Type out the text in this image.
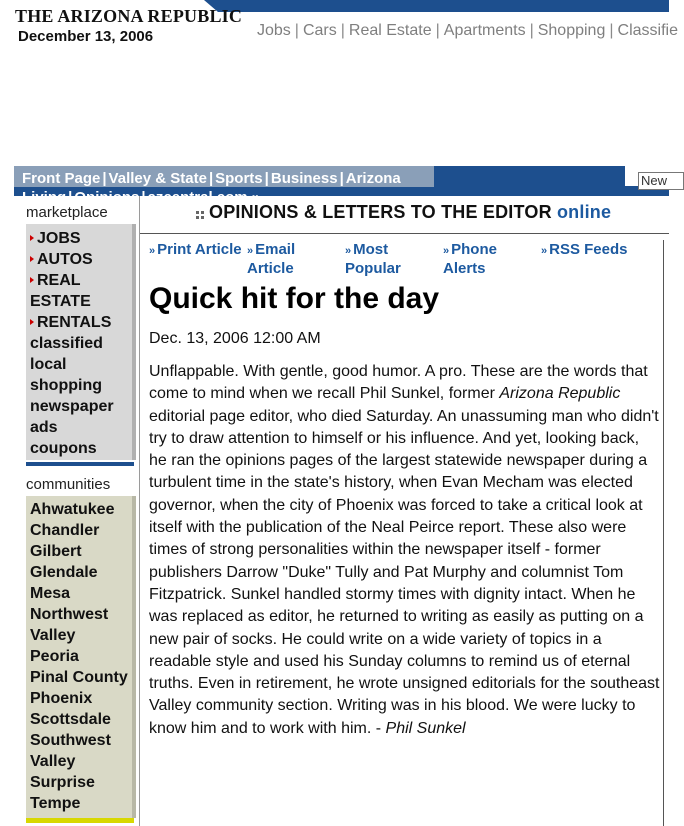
THE ARIZONA REPUBLIC
December 13, 2006	Jobs | Cars | Real Estate | Apartments | Shopping | Classifie
Front Page | Valley & State | Sports | Business | Arizona Living | Opinions | azcentral.com »
New
marketplace
JOBS
AUTOS
REAL ESTATE
RENTALS
classified
local shopping
newspaper ads
coupons
communities
Ahwatukee
Chandler
Gilbert
Glendale
Mesa
Northwest Valley
Peoria
Pinal County
Phoenix
Scottsdale
Southwest Valley
Surprise
Tempe
OPINIONS & LETTERS TO THE EDITOR online
» Print Article » Email Article
» Most Popular
» Phone Alerts
» RSS Feeds
Quick hit for the day
Dec. 13, 2006 12:00 AM
Unflappable. With gentle, good humor. A pro. These are the words that come to mind when we recall Phil Sunkel, former Arizona Republic editorial page editor, who died Saturday. An unassuming man who didn't try to draw attention to himself or his influence. And yet, looking back, he ran the opinions pages of the largest statewide newspaper during a turbulent time in the state's history, when Evan Mecham was elected governor, when the city of Phoenix was forced to take a critical look at itself with the publication of the Neal Peirce report. These also were times of strong personalities within the newspaper itself - former publishers Darrow "Duke" Tully and Pat Murphy and columnist Tom Fitzpatrick. Sunkel handled stormy times with dignity intact. When he was replaced as editor, he returned to writing as easily as putting on a new pair of socks. He could write on a wide variety of topics in a readable style and used his Sunday columns to remind us of eternal truths. Even in retirement, he wrote unsigned editorials for the southeast Valley community section. Writing was in his blood. We were lucky to know him and to work with him. - Phil Sunkel
